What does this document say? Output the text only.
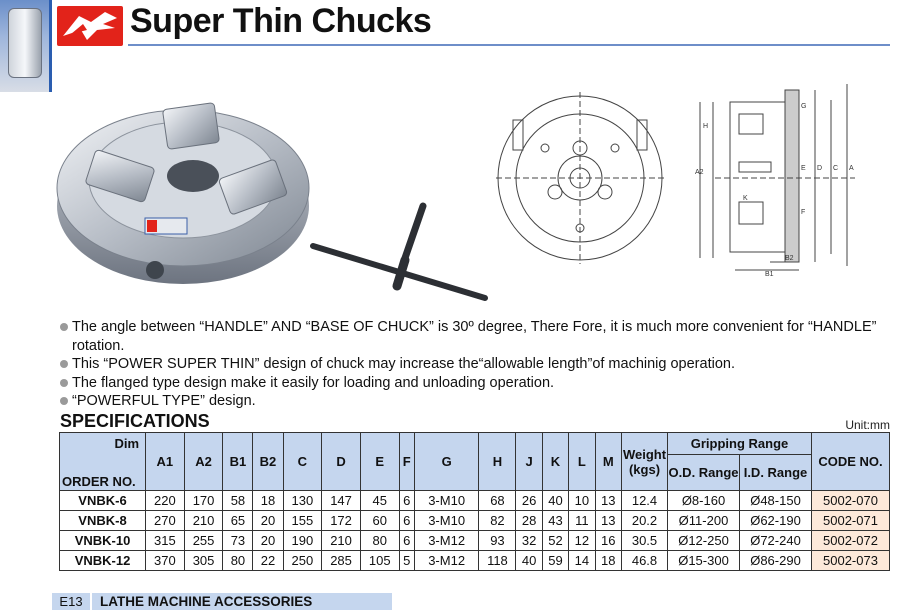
Super Thin Chucks
G
H
A2
D C
E	A
K
F
B2
B1
The angle between “HANDLE” AND “BASE OF CHUCK” is 30º degree, There Fore, it is much more convenient for “HANDLE” rotation.
This “POWER SUPER THIN” design of chuck may increase the“allowable length”of machinig operation.
The flanged type design make it easily for loading and unloading operation.
“POWERFUL TYPE” design.
SPECIFICATIONS	Unit:mm
Dim
ORDER NO.	A1	A2	B1	B2	C	D	E	F	G	H	J	K	L	M	Weight (kgs)	Gripping Range		CODE NO.
																O.D. Range	I.D. Range	
VNBK-6	220	170	58	18	130	147	45	6	3-M10	68	26	40	10	13	12.4	Ø8-160	Ø48-150	5002-070
VNBK-8	270	210	65	20	155	172	60	6	3-M10	82	28	43	11	13	20.2	Ø11-200	Ø62-190	5002-071
VNBK-10	315	255	73	20	190	210	80	6	3-M12	93	32	52	12	16	30.5	Ø12-250	Ø72-240	5002-072
VNBK-12	370	305	80	22	250	285	105	5	3-M12	118	40	59	14	18	46.8	Ø15-300	Ø86-290	5002-073
E13	LATHE MACHINE ACCESSORIES
